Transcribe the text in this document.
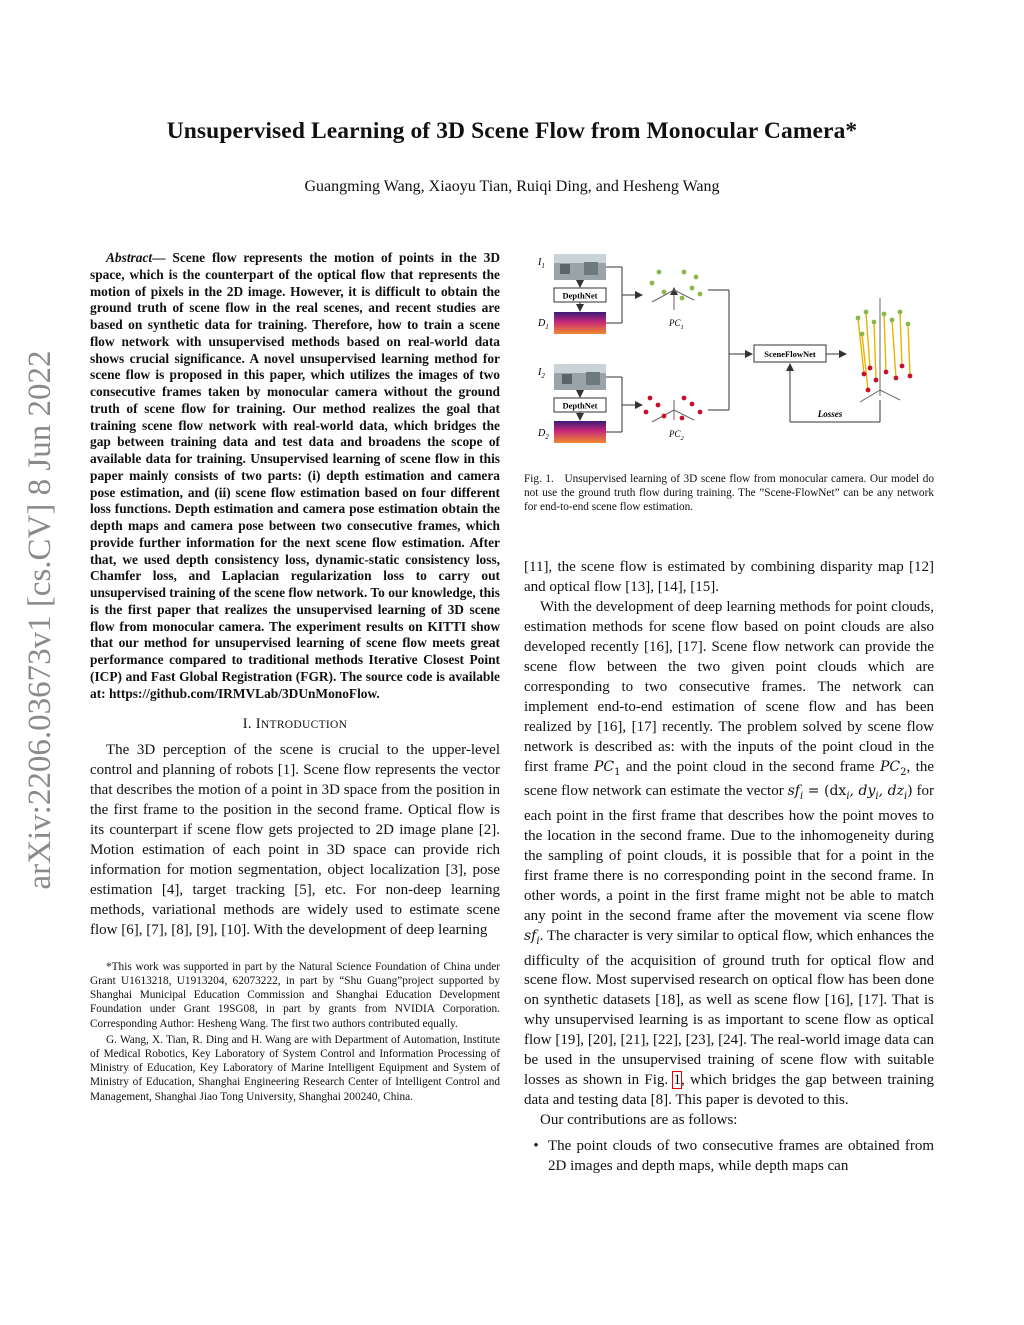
Unsupervised Learning of 3D Scene Flow from Monocular Camera*
Guangming Wang, Xiaoyu Tian, Ruiqi Ding, and Hesheng Wang
arXiv:2206.03673v1 [cs.CV] 8 Jun 2022

Abstract— Scene flow represents the motion of points in the 3D space, which is the counterpart of the optical flow that represents the motion of pixels in the 2D image. However, it is difficult to obtain the ground truth of scene flow in the real scenes, and recent studies are based on synthetic data for training. Therefore, how to train a scene flow network with unsupervised methods based on real-world data shows crucial significance. A novel unsupervised learning method for scene flow is proposed in this paper, which utilizes the images of two consecutive frames taken by monocular camera without the ground truth of scene flow for training. Our method realizes the goal that training scene flow network with real-world data, which bridges the gap between training data and test data and broadens the scope of available data for training. Unsupervised learning of scene flow in this paper mainly consists of two parts: (i) depth estimation and camera pose estimation, and (ii) scene flow estimation based on four different loss functions. Depth estimation and camera pose estimation obtain the depth maps and camera pose between two consecutive frames, which provide further information for the next scene flow estimation. After that, we used depth consistency loss, dynamic-static consistency loss, Chamfer loss, and Laplacian regularization loss to carry out unsupervised training of the scene flow network. To our knowledge, this is the first paper that realizes the unsupervised learning of 3D scene flow from monocular camera. The experiment results on KITTI show that our method for unsupervised learning of scene flow meets great performance compared to traditional methods Iterative Closest Point (ICP) and Fast Global Registration (FGR). The source code is available at: https://github.com/IRMVLab/3DUnMonoFlow.

I. INTRODUCTION

The 3D perception of the scene is crucial to the upper-level control and planning of robots [1]. Scene flow represents the vector that describes the motion of a point in 3D space from the position in the first frame to the position in the second frame. Optical flow is its counterpart if scene flow gets projected to 2D image plane [2]. Motion estimation of each point in 3D space can provide rich information for motion segmentation, object localization [3], pose estimation [4], target tracking [5], etc. For non-deep learning methods, variational methods are widely used to estimate scene flow [6], [7], [8], [9], [10]. With the development of deep learning

*This work was supported in part by the Natural Science Foundation of China under Grant U1613218, U1913204, 62073222, in part by “Shu Guang”project supported by Shanghai Municipal Education Commission and Shanghai Education Development Foundation under Grant 19SG08, in part by grants from NVIDIA Corporation. Corresponding Author: Hesheng Wang. The first two authors contributed equally.

G. Wang, X. Tian, R. Ding and H. Wang are with Department of Automation, Institute of Medical Robotics, Key Laboratory of System Control and Information Processing of Ministry of Education, Key Laboratory of Marine Intelligent Equipment and System of Ministry of Education, Shanghai Engineering Research Center of Intelligent Control and Management, Shanghai Jiao Tong University, Shanghai 200240, China.

$I_1$
DepthNet
$D_1$	$PC_1$
$I_2$
DepthNet
$D_2$	$PC_2$
SceneFlowNet
Losses

Fig. 1. Unsupervised learning of 3D scene flow from monocular camera. Our model do not use the ground truth flow during training. The ”Scene-FlowNet” can be any network for end-to-end scene flow estimation.

[11], the scene flow is estimated by combining disparity map [12] and optical flow [13], [14], [15].

With the development of deep learning methods for point clouds, estimation methods for scene flow based on point clouds are also developed recently [16], [17]. Scene flow network can provide the scene flow between the two given point clouds which are corresponding to two consecutive frames. The network can implement end-to-end estimation of scene flow and has been realized by [16], [17] recently. The problem solved by scene flow network is described as: with the inputs of the point cloud in the first frame $PC_1$ and the point cloud in the second frame $PC_2$, the scene flow network can estimate the vector $sf_i = (dx_i$, $dy_i$, $dz_i$) for each point in the first frame that describes how the point moves to the location in the second frame. Due to the inhomogeneity during the sampling of point clouds, it is possible that for a point in the first frame there is no corresponding point in the second frame. In other words, a point in the first frame might not be able to match any point in the second frame after the movement via scene flow $sf_i$. The character is very similar to optical flow, which enhances the difficulty of the acquisition of ground truth for optical flow and scene flow. Most supervised research on optical flow has been done on synthetic datasets [18], as well as scene flow [16], [17]. That is why unsupervised learning is as important to scene flow as optical flow [19], [20], [21], [22], [23], [24]. The real-world image data can be used in the unsupervised training of scene flow with suitable losses as shown in Fig. 1, which bridges the gap between training data and testing data [8]. This paper is devoted to this.

Our contributions are as follows:

• The point clouds of two consecutive frames are obtained from 2D images and depth maps, while depth maps can
